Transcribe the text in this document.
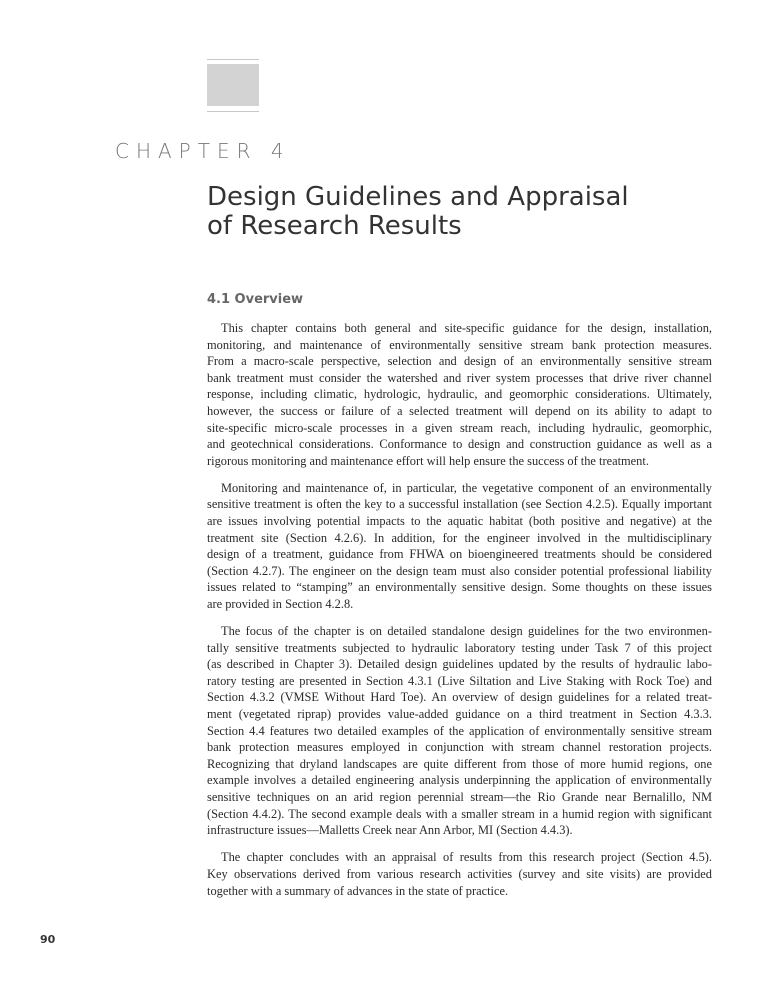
CHAPTER 4
Design Guidelines and Appraisal
of Research Results
4.1 Overview

This chapter contains both general and site-specific guidance for the design, installation,
monitoring, and maintenance of environmentally sensitive stream bank protection measures.
From a macro-scale perspective, selection and design of an environmentally sensitive stream
bank treatment must consider the watershed and river system processes that drive river channel
response, including climatic, hydrologic, hydraulic, and geomorphic considerations. Ultimately,
however, the success or failure of a selected treatment will depend on its ability to adapt to
site-specific micro-scale processes in a given stream reach, including hydraulic, geomorphic,
and geotechnical considerations. Conformance to design and construction guidance as well as a
rigorous monitoring and maintenance effort will help ensure the success of the treatment.

Monitoring and maintenance of, in particular, the vegetative component of an environmentally
sensitive treatment is often the key to a successful installation (see Section 4.2.5). Equally important
are issues involving potential impacts to the aquatic habitat (both positive and negative) at the
treatment site (Section 4.2.6). In addition, for the engineer involved in the multidisciplinary
design of a treatment, guidance from FHWA on bioengineered treatments should be considered
(Section 4.2.7). The engineer on the design team must also consider potential professional liability
issues related to “stamping” an environmentally sensitive design. Some thoughts on these issues
are provided in Section 4.2.8.

The focus of the chapter is on detailed standalone design guidelines for the two environmen-
tally sensitive treatments subjected to hydraulic laboratory testing under Task 7 of this project
(as described in Chapter 3). Detailed design guidelines updated by the results of hydraulic labo-
ratory testing are presented in Section 4.3.1 (Live Siltation and Live Staking with Rock Toe) and
Section 4.3.2 (VMSE Without Hard Toe). An overview of design guidelines for a related treat-
ment (vegetated riprap) provides value-added guidance on a third treatment in Section 4.3.3.
Section 4.4 features two detailed examples of the application of environmentally sensitive stream
bank protection measures employed in conjunction with stream channel restoration projects.
Recognizing that dryland landscapes are quite different from those of more humid regions, one
example involves a detailed engineering analysis underpinning the application of environmentally
sensitive techniques on an arid region perennial stream—the Rio Grande near Bernalillo, NM
(Section 4.4.2). The second example deals with a smaller stream in a humid region with significant
infrastructure issues—Malletts Creek near Ann Arbor, MI (Section 4.4.3).

The chapter concludes with an appraisal of results from this research project (Section 4.5).
Key observations derived from various research activities (survey and site visits) are provided
together with a summary of advances in the state of practice.

90
